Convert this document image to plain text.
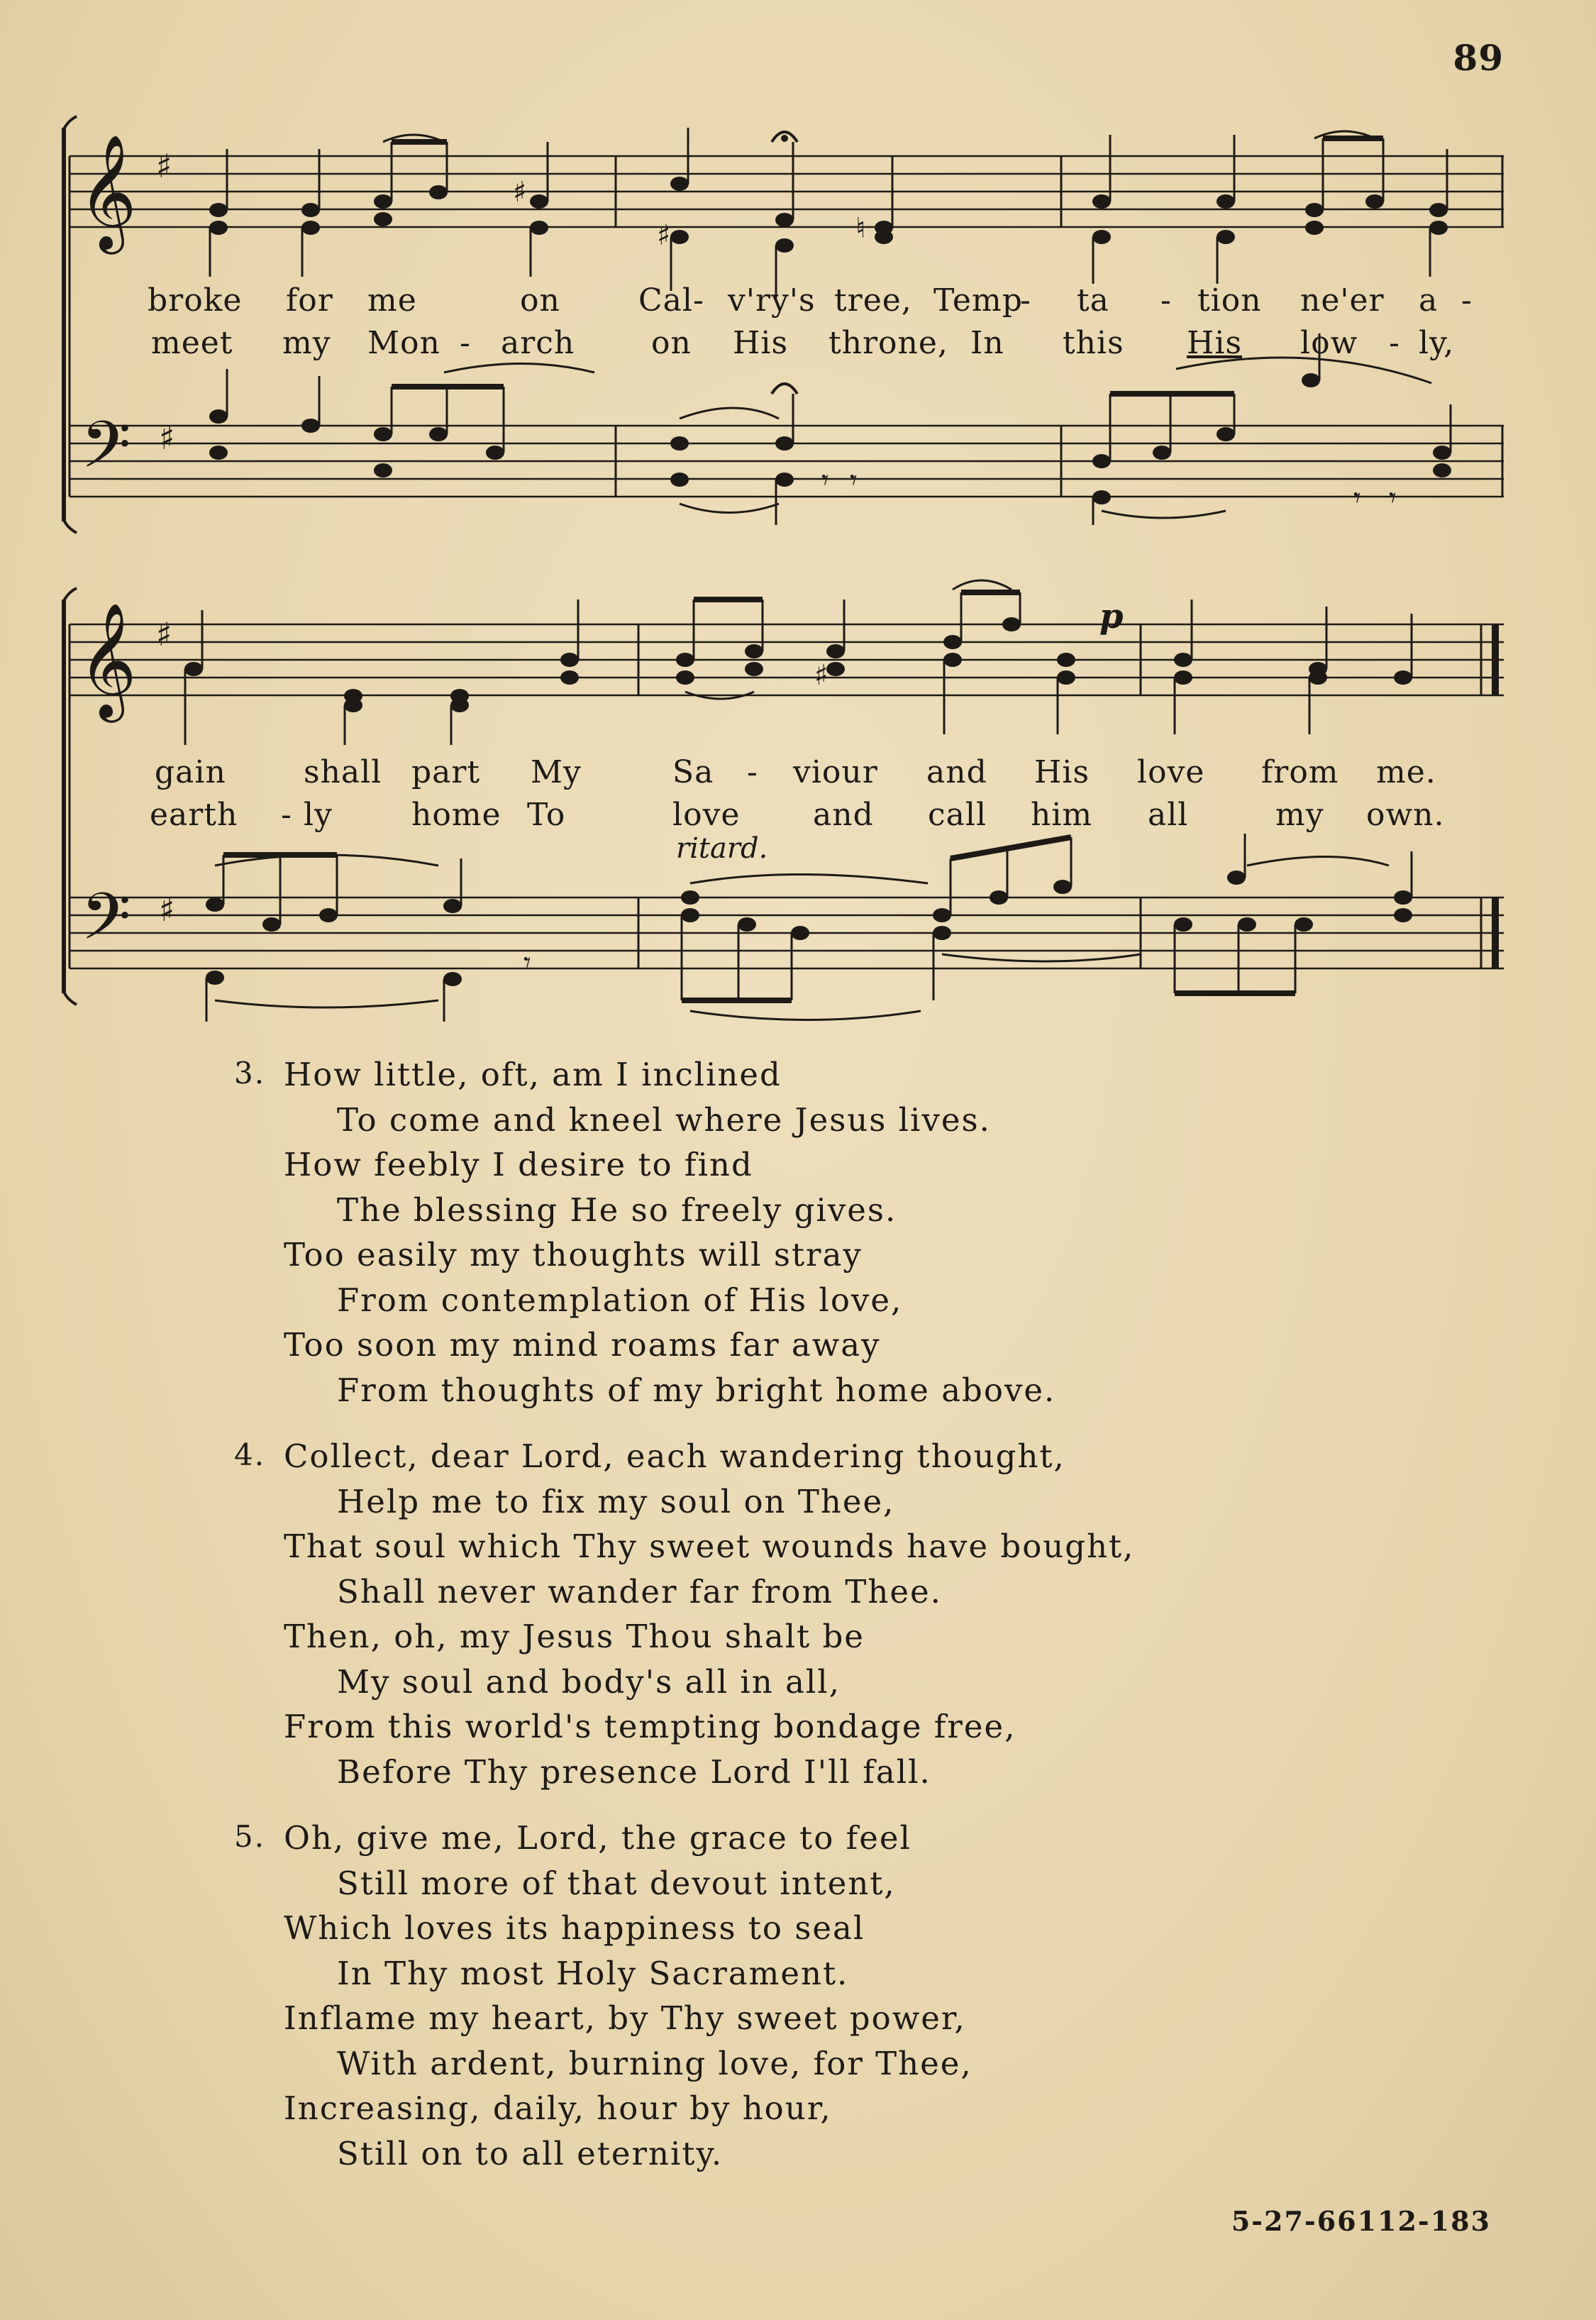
89
𝄞
𝄢
♯
♯
♯
♯	♮
𝄾 𝄾
𝄾 𝄾
broke for me	on	Cal- v'ry's tree, Temp
- ta - tion ne'er a -
meet my Mon - arch on His throne, In this His low - ly,
𝄞
𝄢
♯
♯
♯
p
𝄾
gain shall part My	Sa - viour and His love from me.
earth - ly	home To	love and call him all	my own.
ritard.
3. How little, oft, am I inclined
To come and kneel where Jesus lives.
How feebly I desire to find
The blessing He so freely gives.
Too easily my thoughts will stray
From contemplation of His love,
Too soon my mind roams far away
From thoughts of my bright home above.
4. Collect, dear Lord, each wandering thought,
Help me to fix my soul on Thee,
That soul which Thy sweet wounds have bought,
Shall never wander far from Thee.
Then, oh, my Jesus Thou shalt be
My soul and body's all in all,
From this world's tempting bondage free,
Before Thy presence Lord I'll fall.
5. Oh, give me, Lord, the grace to feel
Still more of that devout intent,
Which loves its happiness to seal
In Thy most Holy Sacrament.
Inflame my heart, by Thy sweet power,
With ardent, burning love, for Thee,
Increasing, daily, hour by hour,
Still on to all eternity.
5-27-66112-183
